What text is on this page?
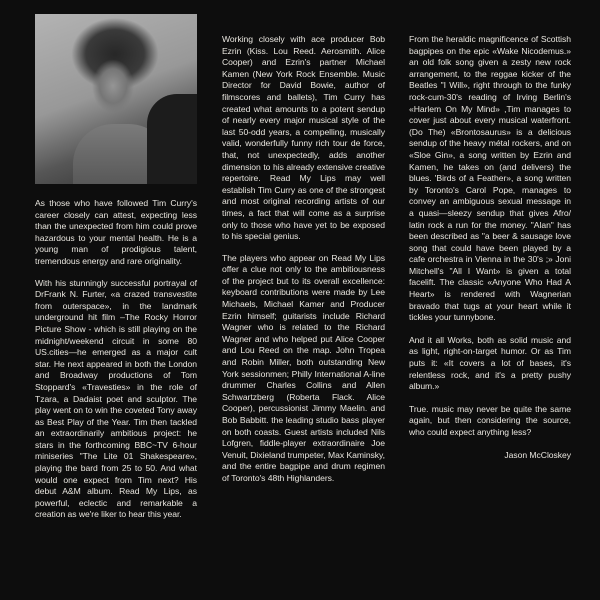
As those who have followed Tim Curry's career closely can attest, expecting less than the unexpected from him could prove hazardous to your mental health. He is a young man of prodigious talent, tremendous energy and rare originality.

With his stunningly successful portrayal of DrFrank N. Furter, «a crazed transvestite from outerspace», in the landmark underground hit film –The Rocky Horror Picture Show - which is still playing on the midnight/weekend circuit in some 80 US.cities—he emerged as a major cult star. He next appeared in both the London and Broadway productions of Tom Stoppard's «Travesties» in the role of Tzara, a Dadaist poet and sculptor. The play went on to win the coveted Tony away as Best Play of the Year. Tim then tackled an extraordinarily ambitious project: he stars in the forthcoming BBC~TV 6-hour miniseries "The Lite 01 Shakespeare», playing the bard from 25 to 50. And what would one expect from Tim next? His debut A&M album. Read My Lips, as powerful, eclectic and remarkable a creation as we're liker to hear this year.

Working closely with ace producer Bob Ezrin (Kiss. Lou Reed. Aerosmith. Alice Cooper) and Ezrin's partner Michael Kamen (New York Rock Ensemble. Music Director for David Bowie, author of filmscores and ballets), Tim Curry has created what amounts to a potent sendup of nearly every major musical style of the last 50-odd years, a compelling, musically valid, wonderfully funny rich tour de force, that, not unexpectedly, adds another dimension to his already extensive creative repertoire. Read My Lips may well establish Tim Curry as one of the strongest and most original recording artists of our times, a fact that will come as a surprise only to those who have yet to be exposed to his special genius.

The players who appear on Read My Lips offer a clue not only to the ambitiousness of the project but to its overall excellence: keyboard contributions were made by Lee Michaels, Michael Kamer and Producer Ezrin himself; guitarists include Richard Wagner who is related to the Richard Wagner and who helped put Alice Cooper and Lou Reed on the map. John Tropea and Robin Miller, both outstanding New York sessionmen; Philly International A-line drummer Charles Collins and Allen Schwartzberg (Roberta Flack. Alice Cooper), percussionist Jimmy Maelin. and Bob Babbitt. the leading studio bass player on both coasts. Guest artists included Nils Lofgren, fiddle-player extraordinaire Joe Venuit, Dixieland trumpeter, Max Kaminsky, and the entire bagpipe and drum regimen of Toronto's 48th Highlanders.

From the heraldic magnificence of Scottish bagpipes on the epic «Wake Nicodemus.» an old folk song given a zesty new rock arrangement, to the reggae kicker of the Beatles "I Will», right through to the funky rock-cum-30's reading of Irving Berlin's «Harlem On My Mind» ,Tim manages to cover just about every musical waterfront. (Do The) «Brontosaurus» is a delicious sendup of the heavy métal rockers, and on «Sloe Gin», a song written by Ezrin and Kamen, he takes on (and delivers) the blues. 'Birds of a Feather», a song written by Toronto's Carol Pope, manages to convey an ambiguous sexual message in a quasi—sleezy sendup that gives Afro/ latin rock a run for the money. "Alan" has been described as "a beer & sausage love song that could have been played by a cafe orchestra in Vienna in the 30's ;» Joni Mitchell's "All I Want» is given a total facelift. The classic «Anyone Who Had A Heart» is rendered with Wagnerian bravado that tugs at your heart while it tickles your tunnybone.

And it all Works, both as solid music and as light, right-on-target humor. Or as Tim puts it: «It covers a lot of bases, it's relentless rock, and it's a pretty pushy album.»

True. music may never be quite the same again, but then considering the source, who could expect anything less?

Jason McCloskey
